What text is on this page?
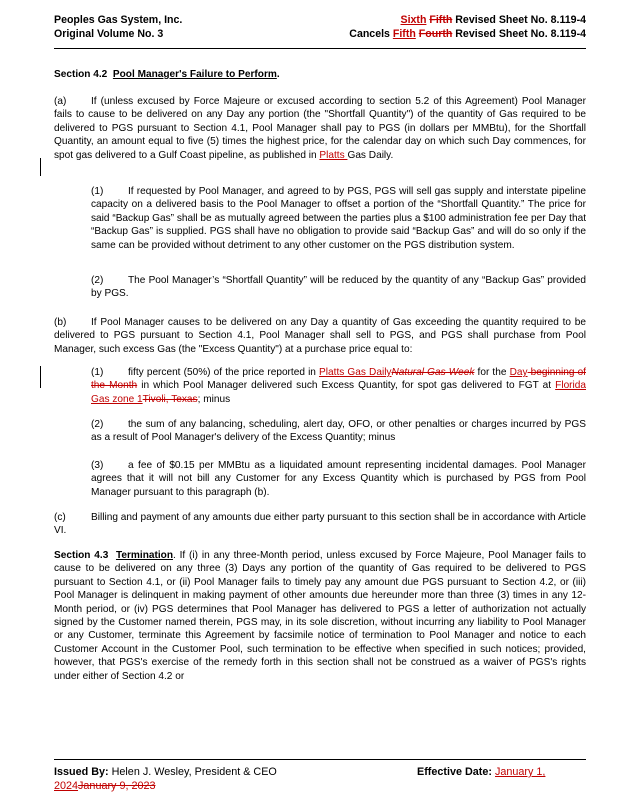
Peoples Gas System, Inc.
Original Volume No. 3
Sixth Fifth Revised Sheet No. 8.119-4
Cancels Fifth Fourth Revised Sheet No. 8.119-4

Section 4.2 Pool Manager's Failure to Perform.

(a) If (unless excused by Force Majeure or excused according to section 5.2 of this Agreement) Pool Manager fails to cause to be delivered on any Day any portion (the "Shortfall Quantity") of the quantity of Gas required to be delivered to PGS pursuant to Section 4.1, Pool Manager shall pay to PGS (in dollars per MMBtu), for the Shortfall Quantity, an amount equal to five (5) times the highest price, for the calendar day on which such Day commences, for spot gas delivered to a Gulf Coast pipeline, as published in Platts Gas Daily.

(1) If requested by Pool Manager, and agreed to by PGS, PGS will sell gas supply and interstate pipeline capacity on a delivered basis to the Pool Manager to offset a portion of the “Shortfall Quantity.” The price for said “Backup Gas” shall be as mutually agreed between the parties plus a $100 administration fee per Day that “Backup Gas” is supplied. PGS shall have no obligation to provide said “Backup Gas” and will do so only if the same can be provided without detriment to any other customer on the PGS distribution system.

(2) The Pool Manager’s “Shortfall Quantity” will be reduced by the quantity of any “Backup Gas” provided by PGS.

(b) If Pool Manager causes to be delivered on any Day a quantity of Gas exceeding the quantity required to be delivered to PGS pursuant to Section 4.1, Pool Manager shall sell to PGS, and PGS shall purchase from Pool Manager, such excess Gas (the "Excess Quantity") at a purchase price equal to:

(1) fifty percent (50%) of the price reported in Platts Gas DailyNatural Gas Week for the Day beginning of the Month in which Pool Manager delivered such Excess Quantity, for spot gas delivered to FGT at Florida Gas zone 1Tivoli, Texas; minus

(2) the sum of any balancing, scheduling, alert day, OFO, or other penalties or charges incurred by PGS as a result of Pool Manager's delivery of the Excess Quantity; minus

(3) a fee of $0.15 per MMBtu as a liquidated amount representing incidental damages. Pool Manager agrees that it will not bill any Customer for any Excess Quantity which is purchased by PGS from Pool Manager pursuant to this paragraph (b).

(c) Billing and payment of any amounts due either party pursuant to this section shall be in accordance with Article VI.

Section 4.3 Termination. If (i) in any three-Month period, unless excused by Force Majeure, Pool Manager fails to cause to be delivered on any three (3) Days any portion of the quantity of Gas required to be delivered to PGS pursuant to Section 4.1, or (ii) Pool Manager fails to timely pay any amount due PGS pursuant to Section 4.2, or (iii) Pool Manager is delinquent in making payment of other amounts due hereunder more than three (3) times in any 12-Month period, or (iv) PGS determines that Pool Manager has delivered to PGS a letter of authorization not actually signed by the Customer named therein, PGS may, in its sole discretion, without incurring any liability to Pool Manager or any Customer, terminate this Agreement by facsimile notice of termination to Pool Manager and notice to each Customer Account in the Customer Pool, such termination to be effective when specified in such notices; provided, however, that PGS's exercise of the remedy forth in this section shall not be construed as a waiver of PGS's rights under either of Section 4.2 or

Issued By: Helen J. Wesley, President & CEO	Effective Date: January 1,
2024January 9, 2023
